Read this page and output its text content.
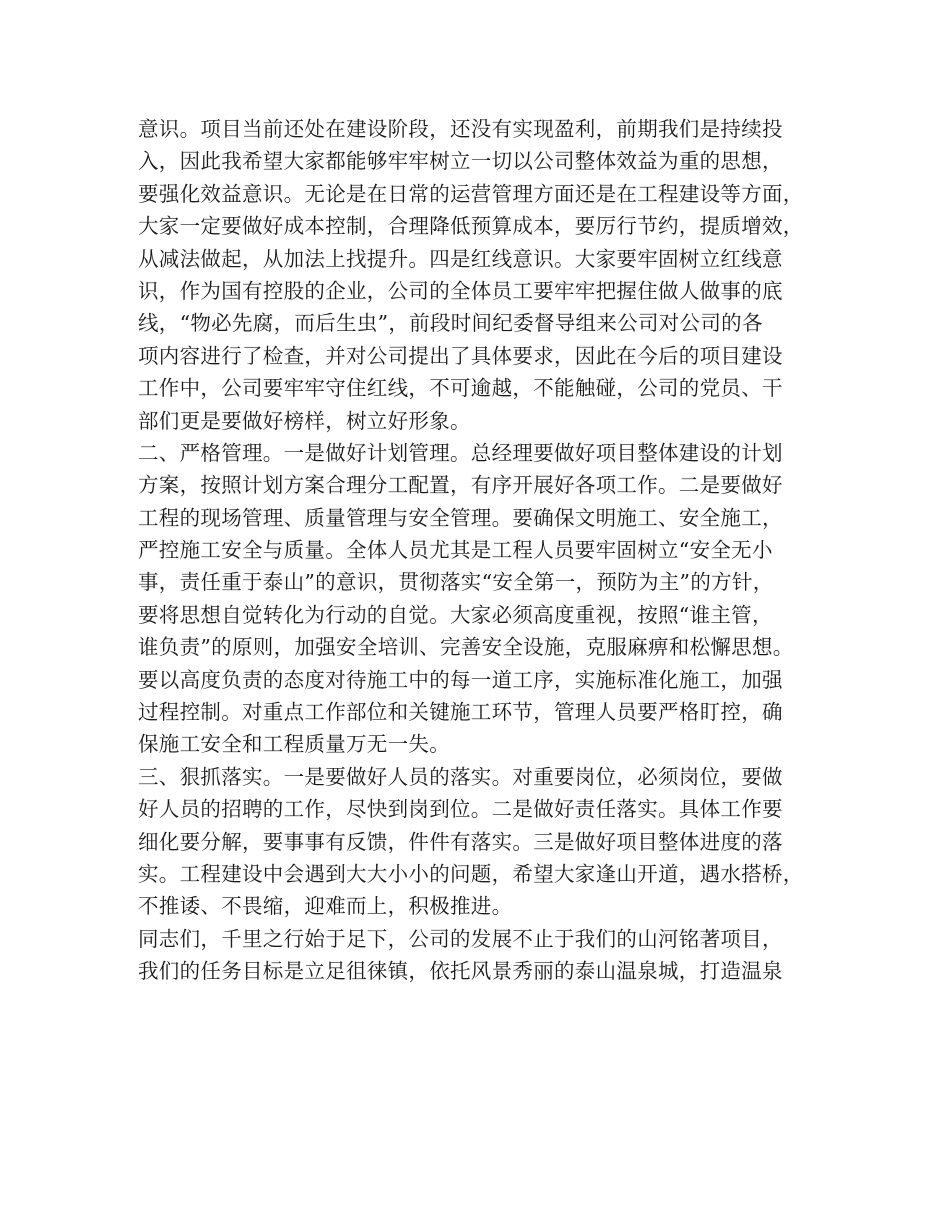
意识。项目当前还处在建设阶段，还没有实现盈利，前期我们是持续投
入，因此我希望大家都能够牢牢树立一切以公司整体效益为重的思想，
要强化效益意识。无论是在日常的运营管理方面还是在工程建设等方面，
大家一定要做好成本控制，合理降低预算成本，要厉行节约，提质增效，
从减法做起，从加法上找提升。四是红线意识。大家要牢固树立红线意
识，作为国有控股的企业，公司的全体员工要牢牢把握住做人做事的底
线，“物必先腐，而后生虫”，前段时间纪委督导组来公司对公司的各
项内容进行了检查，并对公司提出了具体要求，因此在今后的项目建设
工作中，公司要牢牢守住红线，不可逾越，不能触碰，公司的党员、干
部们更是要做好榜样，树立好形象。
二、严格管理。一是做好计划管理。总经理要做好项目整体建设的计划
方案，按照计划方案合理分工配置，有序开展好各项工作。二是要做好
工程的现场管理、质量管理与安全管理。要确保文明施工、安全施工，
严控施工安全与质量。全体人员尤其是工程人员要牢固树立“安全无小
事，责任重于泰山”的意识，贯彻落实“安全第一，预防为主”的方针，
要将思想自觉转化为行动的自觉。大家必须高度重视，按照“谁主管，
谁负责”的原则，加强安全培训、完善安全设施，克服麻痹和松懈思想。
要以高度负责的态度对待施工中的每一道工序，实施标准化施工，加强
过程控制。对重点工作部位和关键施工环节，管理人员要严格盯控，确
保施工安全和工程质量万无一失。
三、狠抓落实。一是要做好人员的落实。对重要岗位，必须岗位，要做
好人员的招聘的工作，尽快到岗到位。二是做好责任落实。具体工作要
细化要分解，要事事有反馈，件件有落实。三是做好项目整体进度的落
实。工程建设中会遇到大大小小的问题，希望大家逢山开道，遇水搭桥，
不推诿、不畏缩，迎难而上，积极推进。
同志们，千里之行始于足下，公司的发展不止于我们的山河铭著项目，
我们的任务目标是立足徂徕镇，依托风景秀丽的泰山温泉城，打造温泉
